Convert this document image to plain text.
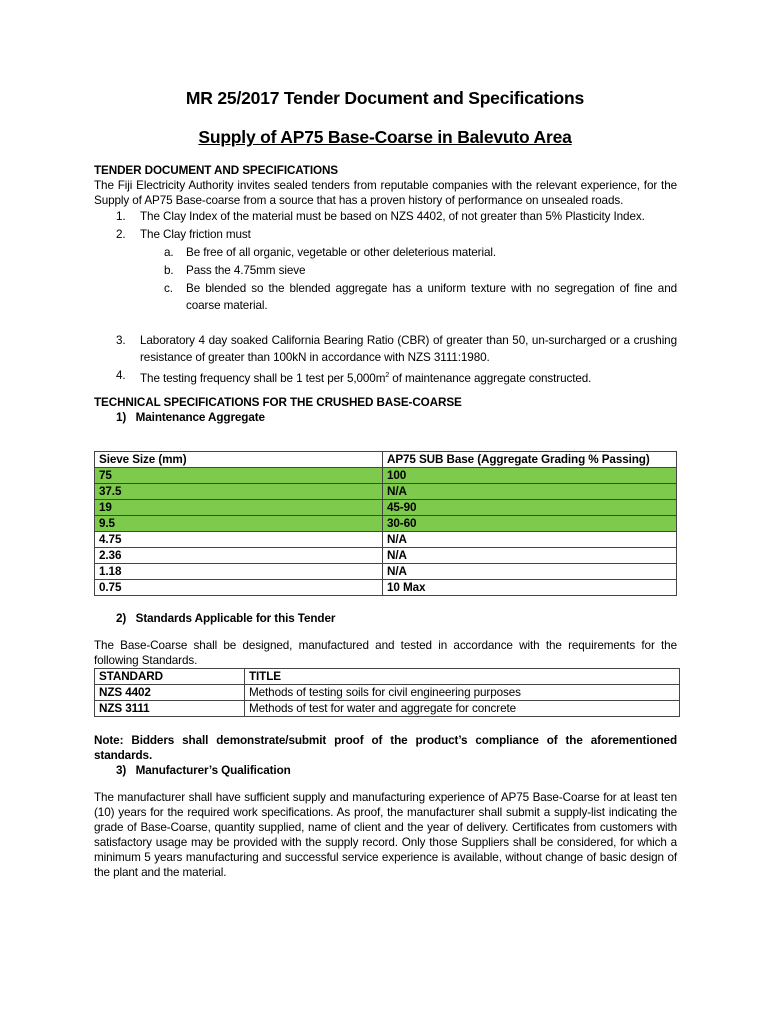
MR 25/2017 Tender Document and Specifications
Supply of AP75 Base-Coarse in Balevuto Area
TENDER DOCUMENT AND SPECIFICATIONS
The Fiji Electricity Authority invites sealed tenders from reputable companies with the relevant experience, for the
Supply of AP75 Base-coarse from a source that has a proven history of performance on unsealed roads.
1. The Clay Index of the material must be based on NZS 4402, of not greater than 5% Plasticity Index.
2. The Clay friction must
a. Be free of all organic, vegetable or other deleterious material.
b. Pass the 4.75mm sieve
c. Be blended so the blended aggregate has a uniform texture with no segregation of fine and
coarse material.
3. Laboratory 4 day soaked California Bearing Ratio (CBR) of greater than 50, un-surcharged or a crushing
resistance of greater than 100kN in accordance with NZS 3111:1980.
4. The testing frequency shall be 1 test per $5,000m^2$ of maintenance aggregate constructed.
TECHNICAL SPECIFICATIONS FOR THE CRUSHED BASE-COARSE
1)   Maintenance Aggregate
Sieve Size (mm)	AP75 SUB Base (Aggregate Grading % Passing)
75	100
37.5	N/A
19	45-90
9.5	30-60
4.75	N/A
2.36	N/A
1.18	N/A
0.75	10 Max
2)   Standards Applicable for this Tender
The Base-Coarse shall be designed, manufactured and tested in accordance with the requirements for the
following Standards.
STANDARD	TITLE
NZS 4402	Methods of testing soils for civil engineering purposes
NZS 3111	Methods of test for water and aggregate for concrete
Note: Bidders shall demonstrate/submit proof of the product’s compliance of the aforementioned
standards.
3)   Manufacturer’s Qualification
The manufacturer shall have sufficient supply and manufacturing experience of AP75 Base-Coarse for at least ten
(10) years for the required work specifications. As proof, the manufacturer shall submit a supply-list indicating the
grade of Base-Coarse, quantity supplied, name of client and the year of delivery. Certificates from customers with
satisfactory usage may be provided with the supply record. Only those Suppliers shall be considered, for which a
minimum 5 years manufacturing and successful service experience is available, without change of basic design of
the plant and the material.
